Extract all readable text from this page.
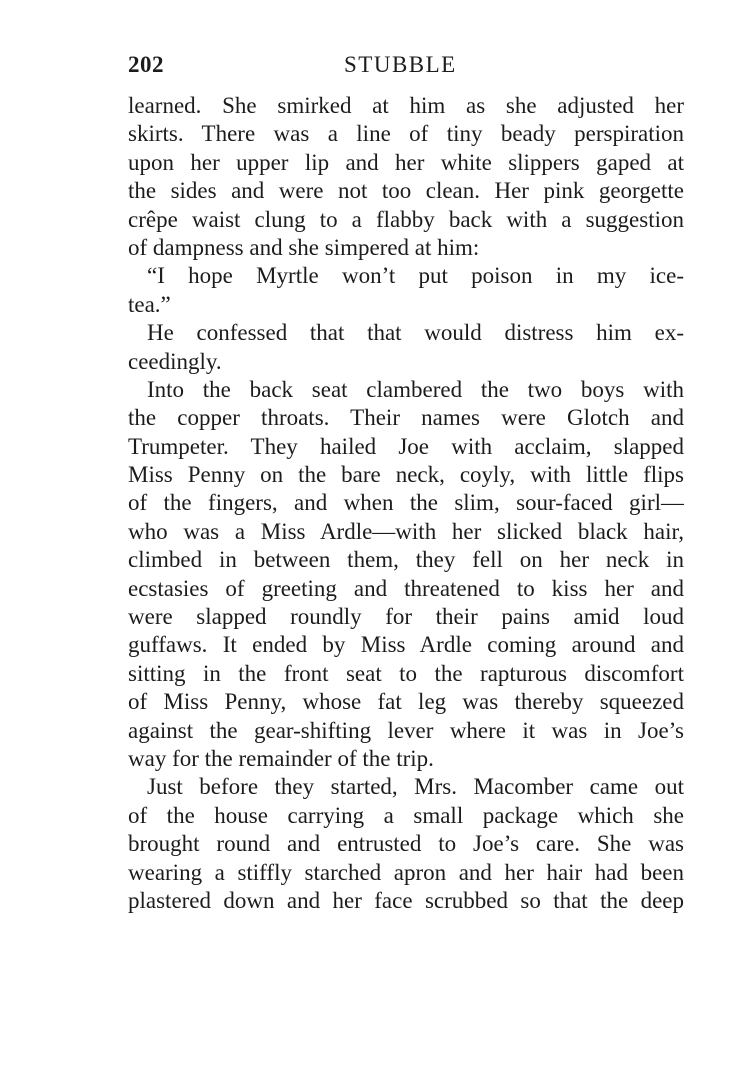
202	STUBBLE
learned. She smirked at him as she adjusted her
skirts. There was a line of tiny beady perspiration
upon her upper lip and her white slippers gaped at
the sides and were not too clean. Her pink georgette
crêpe waist clung to a flabby back with a suggestion
of dampness and she simpered at him:
“I hope Myrtle won’t put poison in my ice-
tea.”
He confessed that that would distress him ex-
ceedingly.
Into the back seat clambered the two boys with
the copper throats. Their names were Glotch and
Trumpeter. They hailed Joe with acclaim, slapped
Miss Penny on the bare neck, coyly, with little flips
of the fingers, and when the slim, sour-faced girl—
who was a Miss Ardle—with her slicked black hair,
climbed in between them, they fell on her neck in
ecstasies of greeting and threatened to kiss her and
were slapped roundly for their pains amid loud
guffaws. It ended by Miss Ardle coming around and
sitting in the front seat to the rapturous discomfort
of Miss Penny, whose fat leg was thereby squeezed
against the gear-shifting lever where it was in Joe’s
way for the remainder of the trip.
Just before they started, Mrs. Macomber came out
of the house carrying a small package which she
brought round and entrusted to Joe’s care. She was
wearing a stiffly starched apron and her hair had been
plastered down and her face scrubbed so that the deep
